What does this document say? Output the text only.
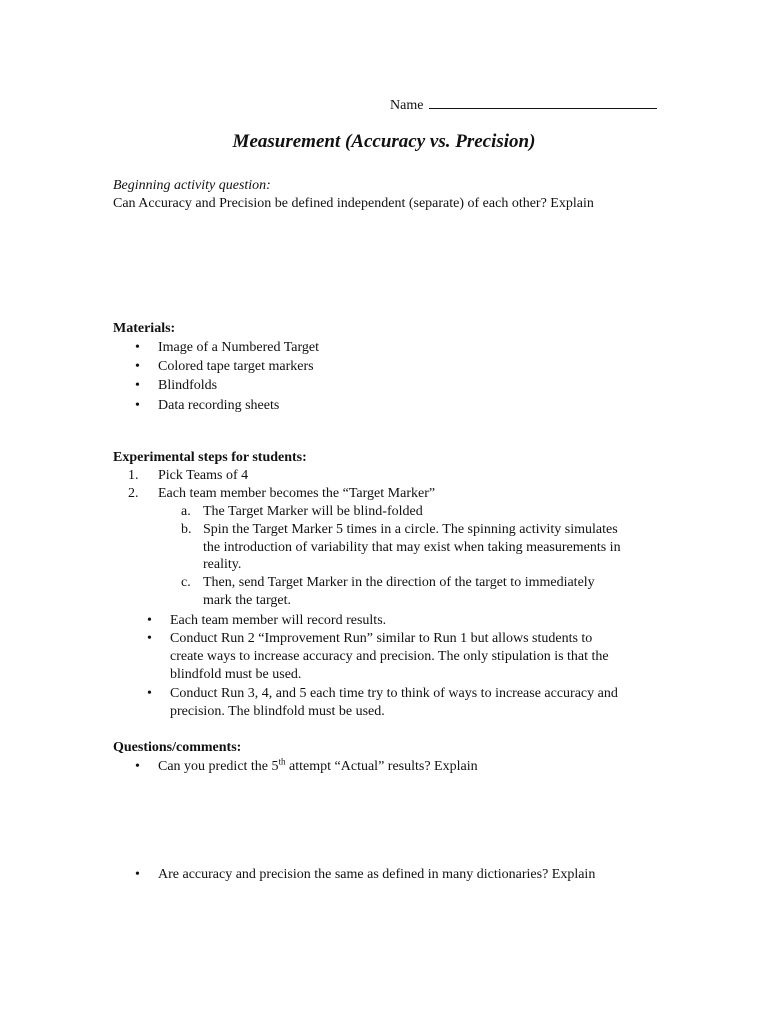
Name
Measurement (Accuracy vs. Precision)
Beginning activity question:
Can Accuracy and Precision be defined independent (separate) of each other? Explain
Materials:
• Image of a Numbered Target
• Colored tape target markers
• Blindfolds
• Data recording sheets
Experimental steps for students:
1. Pick Teams of 4
2. Each team member becomes the “Target Marker”
a. The Target Marker will be blind-folded
b. Spin the Target Marker 5 times in a circle. The spinning activity simulates
the introduction of variability that may exist when taking measurements in
reality.
c. Then, send Target Marker in the direction of the target to immediately
mark the target.
• Each team member will record results.
• Conduct Run 2 “Improvement Run” similar to Run 1 but allows students to
create ways to increase accuracy and precision. The only stipulation is that the
blindfold must be used.
• Conduct Run 3, 4, and 5 each time try to think of ways to increase accuracy and
precision. The blindfold must be used.
Questions/comments:
• Can you predict the 5th attempt “Actual” results? Explain
• Are accuracy and precision the same as defined in many dictionaries? Explain
